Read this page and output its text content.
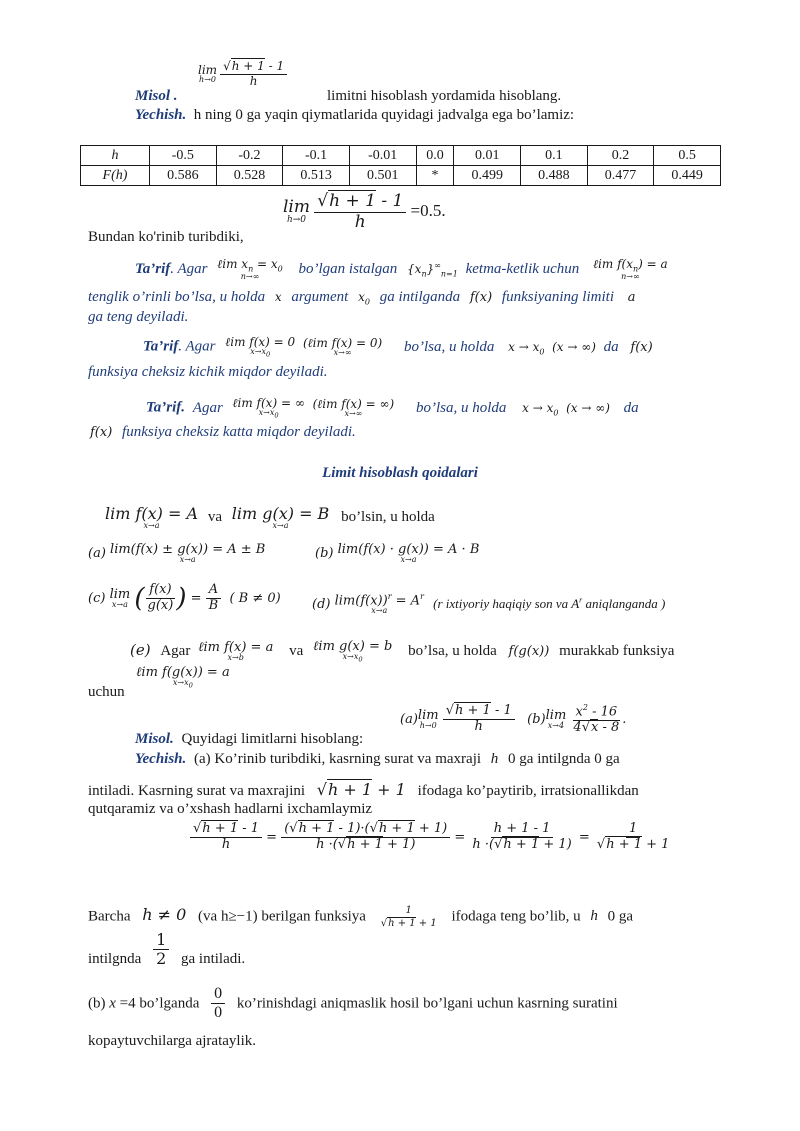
lim
h→0
$\frac{√h + 1 - 1}{h}$
Misol .	limitni hisoblash yordamida hisoblang.
Yechish. h ning 0 ga yaqin qiymatlarida quyidagi jadvalga ega bo’lamiz:
h	-0.5	-0.2	-0.1	-0.01	0.0	0.01	0.1	0.2	0.5
F(h)	0.586	0.528	0.513	0.501	*	0.499	0.488	0.477	0.449
lim
h→0
$\frac{√h + 1 - 1}{h} =0.5$.
Bundan ko'rinib turibdiki,
Ta’rif. Agar ℓim $x_n = x_0$
n→∞	bo’lgan istalgan $\{x_n\}^\infty_{n=1}$ ketma-ketlik uchun ℓim $f(x_n) = a$
n→∞
tenglik o’rinli bo’lsa, u holda x argument $x_0$ ga intilganda f(x) funksiyaning limiti a
ga teng deyiladi.
Ta’rif. Agar ℓim f(x) = 0
$x\to x_0$

(ℓim f(x) = 0)
x→∞	bo’lsa, u holda $x \to x_0$  (x → ∞) da f(x)
funksiya cheksiz kichik miqdor deyiladi.
Ta’rif. Agar ℓim f(x) = ∞
$x\to x_0$

(ℓim f(x) = ∞)
x→∞	bo’lsa, u holda $x \to x_0$  (x → ∞) da
f(x) funksiya cheksiz katta miqdor deyiladi.
Limit hisoblash qoidalari
lim f(x) = A
x→a
va lim g(x) = B
x→a
bo’lsin, u holda
(a) lim(f(x) ± g(x)) = A ± B
x→a	(b) lim(f(x) · g(x)) = A · B
x→a
(c) lim
x→a ( $\frac{f(x)}{g(x)}$ ) = $\frac{A}{B}$ ( B ≠ 0) (d) $\lim(f(x))^r = A^r$
x→a
(r ixtiyoriy haqiqiy son va $A^r$ aniqlanganda )
(e) Agar ℓim f(x) = a
x→b	va ℓim g(x) = b
$x\to x_0$
bo’lsa, u holda f(g(x)) murakkab funksiya
ℓim f(g(x)) = a
$x\to x_0$
uchun
(a) lim
h→0
$\frac{√h + 1 - 1}{h} (b)$ lim
x→4
$\frac{x^2 - 16}{4√x - 8}$ .
Misol. Quyidagi limitlarni hisoblang:
Yechish. (a) Ko’rinib turibdiki, kasrning surat va maxraji h 0 ga intilgnda 0 ga
intiladi. Kasrning surat va maxrajini √h + 1 + 1 ifodaga ko’paytirib, irratsionallikdan
qutqaramiz va o’xshash hadlarni ixchamlaymiz
$\frac{√h + 1 - 1}{h} = \frac{(√h + 1 - 1)\cdot(√h + 1 + 1)}{h \cdot(√h + 1 + 1)} = \frac{h + 1 - 1}{h \cdot(√h + 1 + 1)} = \frac{1}{√h + 1 + 1}$
Barcha h ≠ 0 (va h≥−1) berilgan funksiya $\frac{1}{√h + 1 + 1}$ ifodaga teng bo’lib, u h 0 ga
intilgnda $\frac{1}{2}$ ga intiladi.
(b) x =4 bo’lganda $\frac{0}{0}$ ko’rinishdagi aniqmaslik hosil bo’lgani uchun kasrning suratini
kopaytuvchilarga ajrataylik.
